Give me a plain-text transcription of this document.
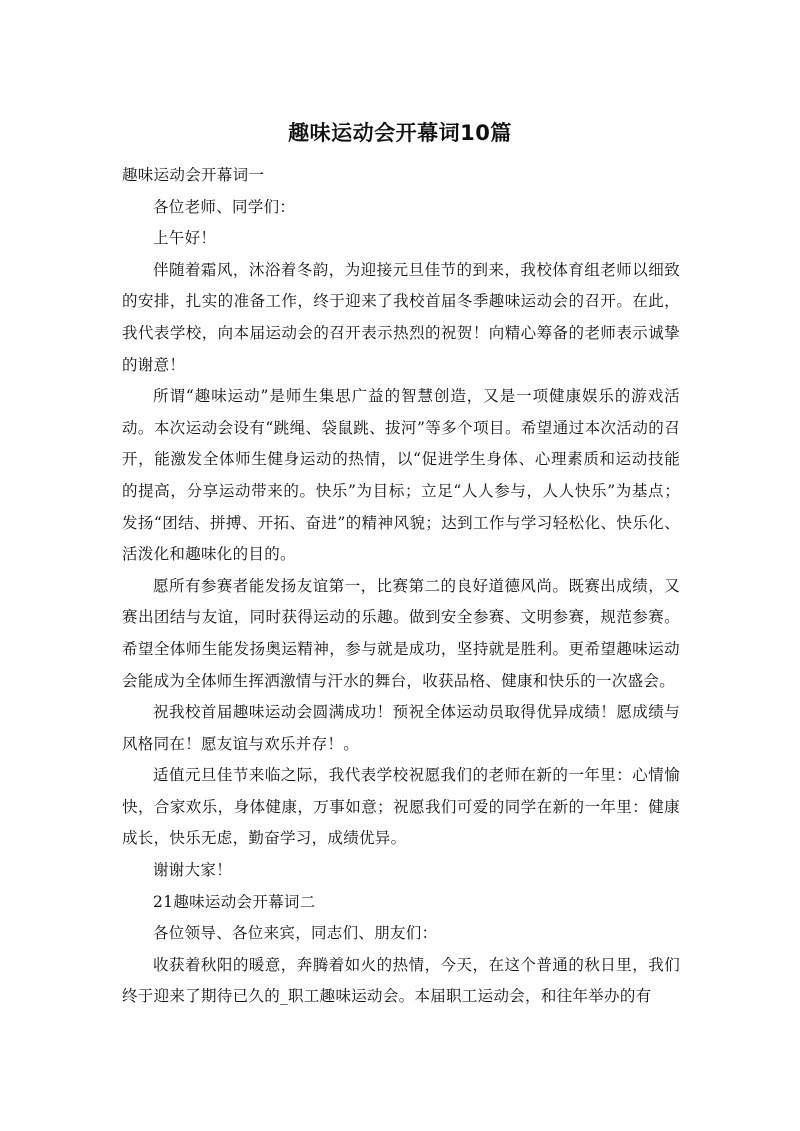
趣味运动会开幕词10篇

趣味运动会开幕词一

各位老师、同学们：

上午好！

伴随着霜风，沐浴着冬韵，为迎接元旦佳节的到来，我校体育组老师以细致的安排，扎实的准备工作，终于迎来了我校首届冬季趣味运动会的召开。在此，我代表学校，向本届运动会的召开表示热烈的祝贺！向精心筹备的老师表示诚挚的谢意！

所谓“趣味运动”是师生集思广益的智慧创造，又是一项健康娱乐的游戏活动。本次运动会设有“跳绳、袋鼠跳、拔河”等多个项目。希望通过本次活动的召开，能激发全体师生健身运动的热情，以“促进学生身体、心理素质和运动技能的提高，分享运动带来的。快乐”为目标；立足“人人参与，人人快乐”为基点；发扬“团结、拼搏、开拓、奋进”的精神风貌；达到工作与学习轻松化、快乐化、活泼化和趣味化的目的。

愿所有参赛者能发扬友谊第一，比赛第二的良好道德风尚。既赛出成绩，又赛出团结与友谊，同时获得运动的乐趣。做到安全参赛、文明参赛，规范参赛。希望全体师生能发扬奥运精神，参与就是成功，坚持就是胜利。更希望趣味运动会能成为全体师生挥洒激情与汗水的舞台，收获品格、健康和快乐的一次盛会。

祝我校首届趣味运动会圆满成功！预祝全体运动员取得优异成绩！愿成绩与风格同在！愿友谊与欢乐并存！。

适值元旦佳节来临之际，我代表学校祝愿我们的老师在新的一年里：心情愉快，合家欢乐，身体健康，万事如意；祝愿我们可爱的同学在新的一年里：健康成长，快乐无虑，勤奋学习，成绩优异。

谢谢大家！

21趣味运动会开幕词二

各位领导、各位来宾，同志们、朋友们：

收获着秋阳的暖意，奔腾着如火的热情，今天，在这个普通的秋日里，我们终于迎来了期待已久的_职工趣味运动会。本届职工运动会，和往年举办的有
